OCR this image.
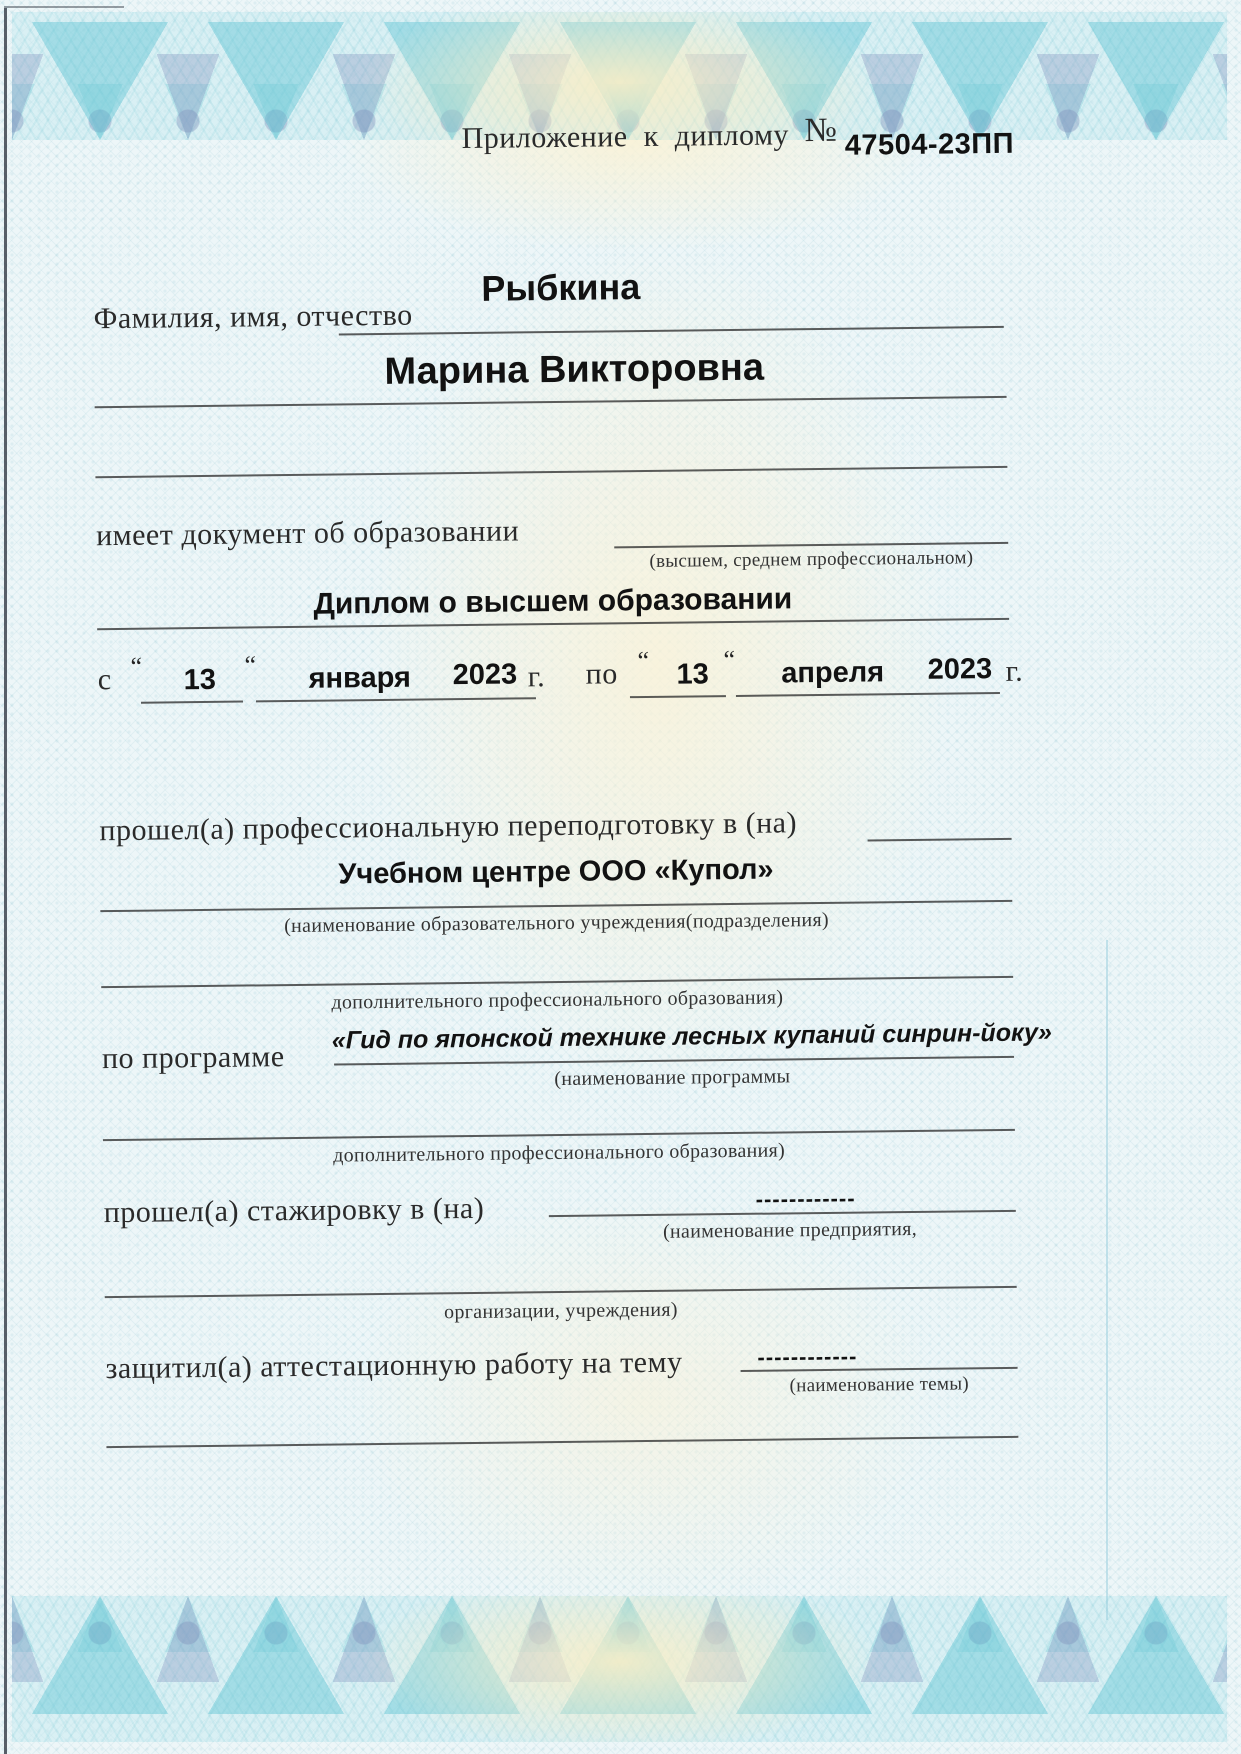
Приложение к диплому № 47504-23ПП
Рыбкина
Фамилия, имя, отчество
Марина Викторовна
имеет документ об образовании
(высшем, среднем профессиональном)
Диплом о высшем образовании
с “	13	“	января	2023 г. по “	13 “	апреля	2023 г.
прошел(а) профессиональную переподготовку в (на)
Учебном центре ООО «Купол»
(наименование образовательного учреждения(подразделения)
дополнительного профессионального образования)
по программе
«Гид по японской технике лесных купаний синрин-йоку»
(наименование программы
дополнительного профессионального образования)
прошел(а) стажировку в (на)	------------
(наименование предприятия,
организации, учреждения)
защитил(а) аттестационную работу на тему	------------
(наименование темы)
